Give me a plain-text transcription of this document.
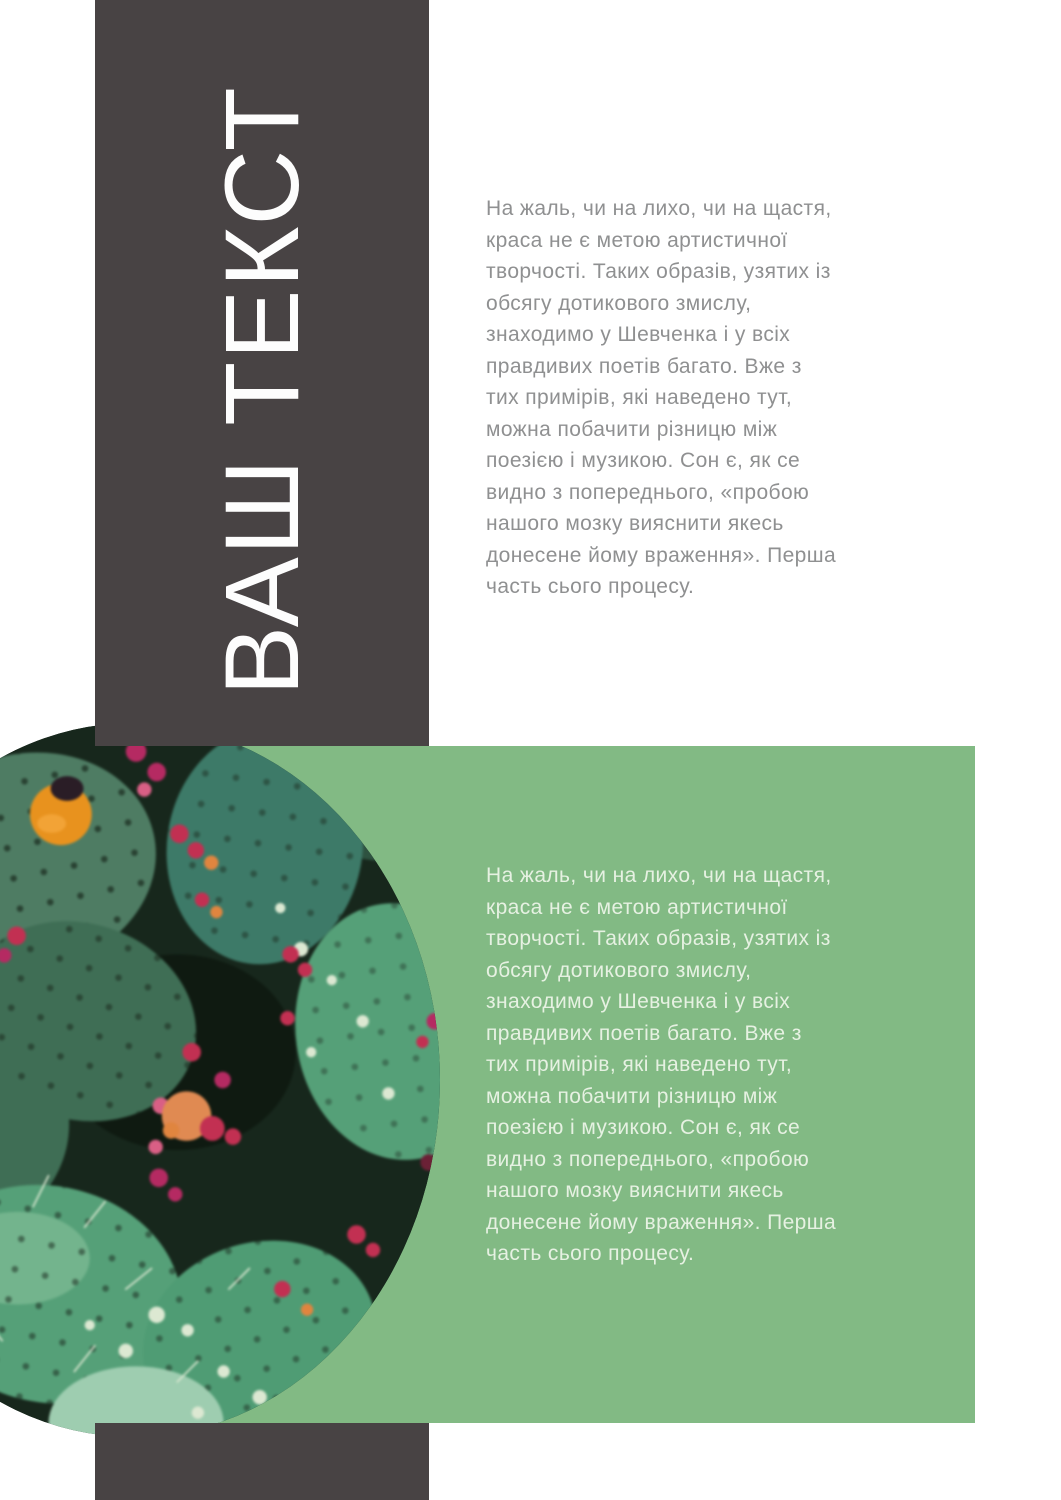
ВАШ ТЕКСТ	На жаль, чи на лихо, чи на щастя,
краса не є метою артистичної
творчості. Таких образів, узятих із
обсягу дотикового змислу,
знаходимо у Шевченка і у всіх
правдивих поетів багато. Вже з
тих примірів, які наведено тут,
можна побачити різницю між
поезією і музикою. Сон є, як се
видно з попереднього, «пробою
нашого мозку вияснити якесь
донесене йому враження». Перша
часть сього процесу.
На жаль, чи на лихо, чи на щастя,
краса не є метою артистичної
творчості. Таких образів, узятих із
обсягу дотикового змислу,
знаходимо у Шевченка і у всіх
правдивих поетів багато. Вже з
тих примірів, які наведено тут,
можна побачити різницю між
поезією і музикою. Сон є, як се
видно з попереднього, «пробою
нашого мозку вияснити якесь
донесене йому враження». Перша
часть сього процесу.
